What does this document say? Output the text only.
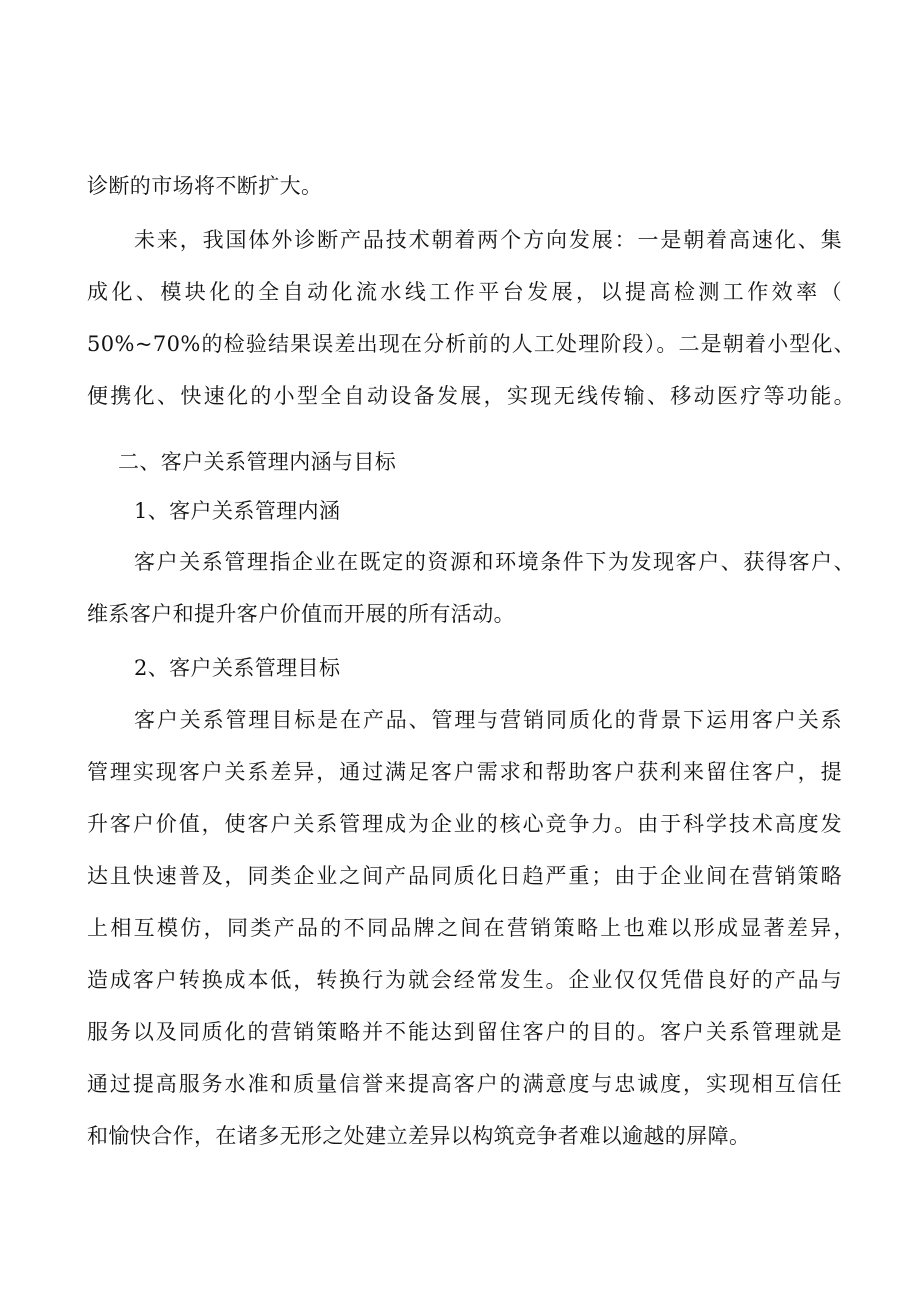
诊断的市场将不断扩大。
未来，我国体外诊断产品技术朝着两个方向发展：一是朝着高速化、集
成化、模块化的全自动化流水线工作平台发展，以提高检测工作效率（
50%~70%的检验结果误差出现在分析前的人工处理阶段）。二是朝着小型化、
便携化、快速化的小型全自动设备发展，实现无线传输、移动医疗等功能。
二、客户关系管理内涵与目标
1、客户关系管理内涵
客户关系管理指企业在既定的资源和环境条件下为发现客户、获得客户、
维系客户和提升客户价值而开展的所有活动。
2、客户关系管理目标
客户关系管理目标是在产品、管理与营销同质化的背景下运用客户关系
管理实现客户关系差异，通过满足客户需求和帮助客户获利来留住客户，提
升客户价值，使客户关系管理成为企业的核心竞争力。由于科学技术高度发
达且快速普及，同类企业之间产品同质化日趋严重；由于企业间在营销策略
上相互模仿，同类产品的不同品牌之间在营销策略上也难以形成显著差异，
造成客户转换成本低，转换行为就会经常发生。企业仅仅凭借良好的产品与
服务以及同质化的营销策略并不能达到留住客户的目的。客户关系管理就是
通过提高服务水准和质量信誉来提高客户的满意度与忠诚度，实现相互信任
和愉快合作，在诸多无形之处建立差异以构筑竞争者难以逾越的屏障。
